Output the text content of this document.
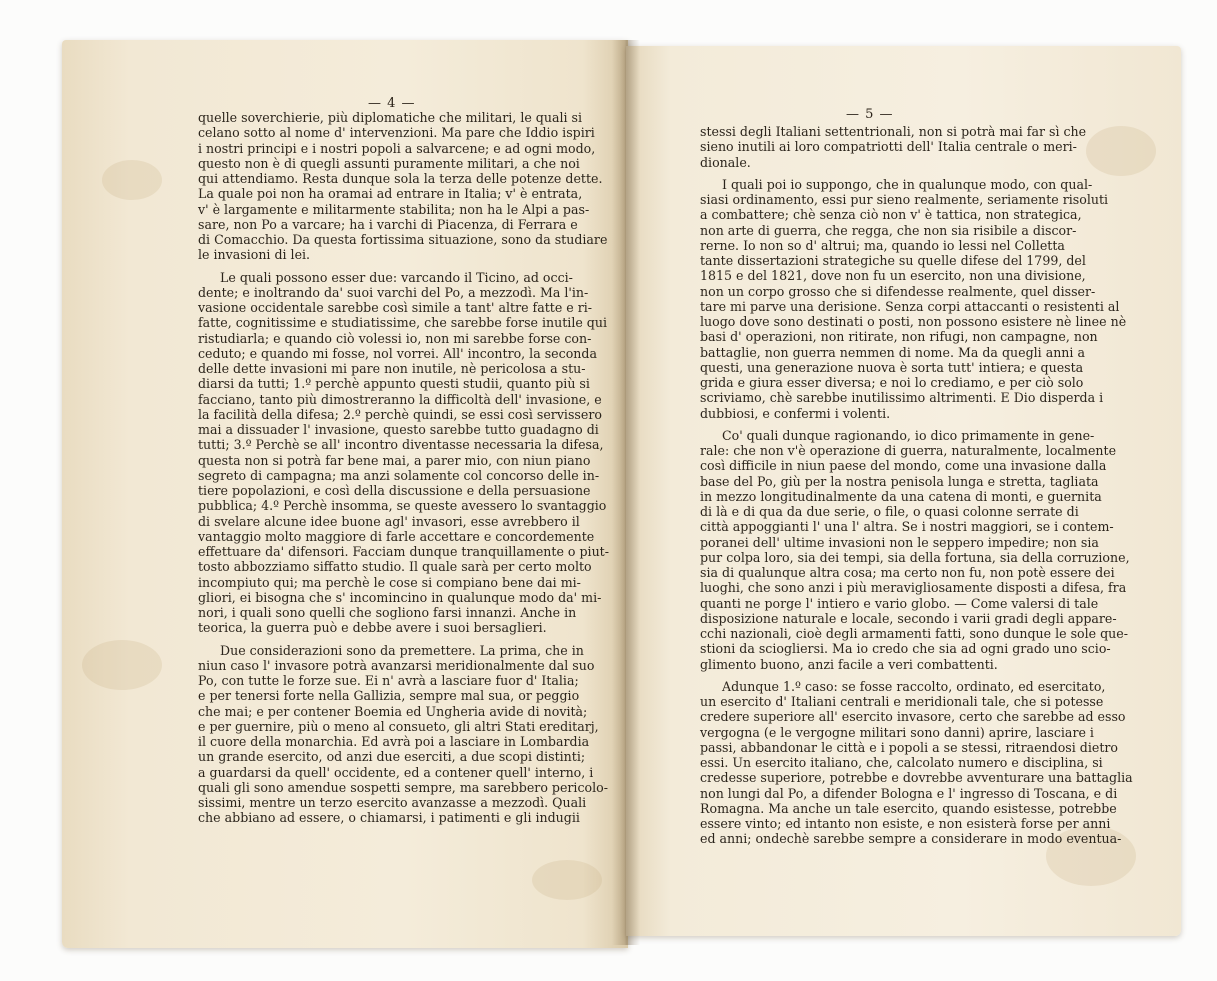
— 4 —
— 5 —
quelle soverchierie, più diplomatiche che militari, le quali si
celano sotto al nome d' intervenzioni. Ma pare che Iddio ispiri
i nostri principi e i nostri popoli a salvarcene; e ad ogni modo,
questo non è di quegli assunti puramente militari, a che noi
qui attendiamo. Resta dunque sola la terza delle potenze dette.
La quale poi non ha oramai ad entrare in Italia; v' è entrata,
v' è largamente e militarmente stabilita; non ha le Alpi a pas-
sare, non Po a varcare; ha i varchi di Piacenza, di Ferrara e
di Comacchio. Da questa fortissima situazione, sono da studiare
le invasioni di lei.
Le quali possono esser due: varcando il Ticino, ad occi-
dente; e inoltrando da' suoi varchi del Po, a mezzodì. Ma l'in-
vasione occidentale sarebbe così simile a tant' altre fatte e ri-
fatte, cognitissime e studiatissime, che sarebbe forse inutile qui
ristudiarla; e quando ciò volessi io, non mi sarebbe forse con-
ceduto; e quando mi fosse, nol vorrei. All' incontro, la seconda
delle dette invasioni mi pare non inutile, nè pericolosa a stu-
diarsi da tutti; 1.º perchè appunto questi studii, quanto più si
facciano, tanto più dimostreranno la difficoltà dell' invasione, e
la facilità della difesa; 2.º perchè quindi, se essi così servissero
mai a dissuader l' invasione, questo sarebbe tutto guadagno di
tutti; 3.º Perchè se all' incontro diventasse necessaria la difesa,
questa non si potrà far bene mai, a parer mio, con niun piano
segreto di campagna; ma anzi solamente col concorso delle in-
tiere popolazioni, e così della discussione e della persuasione
pubblica; 4.º Perchè insomma, se queste avessero lo svantaggio
di svelare alcune idee buone agl' invasori, esse avrebbero il
vantaggio molto maggiore di farle accettare e concordemente
effettuare da' difensori. Facciam dunque tranquillamente o piut-
tosto abbozziamo siffatto studio. Il quale sarà per certo molto
incompiuto qui; ma perchè le cose si compiano bene dai mi-
gliori, ei bisogna che s' incomincino in qualunque modo da' mi-
nori, i quali sono quelli che sogliono farsi innanzi. Anche in
teorica, la guerra può e debbe avere i suoi bersaglieri.
Due considerazioni sono da premettere. La prima, che in
niun caso l' invasore potrà avanzarsi meridionalmente dal suo
Po, con tutte le forze sue. Ei n' avrà a lasciare fuor d' Italia;
e per tenersi forte nella Gallizia, sempre mal sua, or peggio
che mai; e per contener Boemia ed Ungheria avide di novità;
e per guernire, più o meno al consueto, gli altri Stati ereditarj,
il cuore della monarchia. Ed avrà poi a lasciare in Lombardia
un grande esercito, od anzi due eserciti, a due scopi distinti;
a guardarsi da quell' occidente, ed a contener quell' interno, i
quali gli sono amendue sospetti sempre, ma sarebbero pericolo-
sissimi, mentre un terzo esercito avanzasse a mezzodì. Quali
che abbiano ad essere, o chiamarsi, i patimenti e gli indugii
stessi degli Italiani settentrionali, non si potrà mai far sì che
sieno inutili ai loro compatriotti dell' Italia centrale o meri-
dionale.
I quali poi io suppongo, che in qualunque modo, con qual-
siasi ordinamento, essi pur sieno realmente, seriamente risoluti
a combattere; chè senza ciò non v' è tattica, non strategica,
non arte di guerra, che regga, che non sia risibile a discor-
rerne. Io non so d' altrui; ma, quando io lessi nel Colletta
tante dissertazioni strategiche su quelle difese del 1799, del
1815 e del 1821, dove non fu un esercito, non una divisione,
non un corpo grosso che si difendesse realmente, quel disser-
tare mi parve una derisione. Senza corpi attaccanti o resistenti al
luogo dove sono destinati o posti, non possono esistere nè linee nè
basi d' operazioni, non ritirate, non rifugi, non campagne, non
battaglie, non guerra nemmen di nome. Ma da quegli anni a
questi, una generazione nuova è sorta tutt' intiera; e questa
grida e giura esser diversa; e noi lo crediamo, e per ciò solo
scriviamo, chè sarebbe inutilissimo altrimenti. E Dio disperda i
dubbiosi, e confermi i volenti.
Co' quali dunque ragionando, io dico primamente in gene-
rale: che non v'è operazione di guerra, naturalmente, localmente
così difficile in niun paese del mondo, come una invasione dalla
base del Po, giù per la nostra penisola lunga e stretta, tagliata
in mezzo longitudinalmente da una catena di monti, e guernita
di là e di qua da due serie, o file, o quasi colonne serrate di
città appoggianti l' una l' altra. Se i nostri maggiori, se i contem-
poranei dell' ultime invasioni non le seppero impedire; non sia
pur colpa loro, sia dei tempi, sia della fortuna, sia della corruzione,
sia di qualunque altra cosa; ma certo non fu, non potè essere dei
luoghi, che sono anzi i più meravigliosamente disposti a difesa, fra
quanti ne porge l' intiero e vario globo. — Come valersi di tale
disposizione naturale e locale, secondo i varii gradi degli appare-
cchi nazionali, cioè degli armamenti fatti, sono dunque le sole que-
stioni da sciogliersi. Ma io credo che sia ad ogni grado uno scio-
glimento buono, anzi facile a veri combattenti.
Adunque 1.º caso: se fosse raccolto, ordinato, ed esercitato,
un esercito d' Italiani centrali e meridionali tale, che si potesse
credere superiore all' esercito invasore, certo che sarebbe ad esso
vergogna (e le vergogne militari sono danni) aprire, lasciare i
passi, abbandonar le città e i popoli a se stessi, ritraendosi dietro
essi. Un esercito italiano, che, calcolato numero e disciplina, si
credesse superiore, potrebbe e dovrebbe avventurare una battaglia
non lungi dal Po, a difender Bologna e l' ingresso di Toscana, e di
Romagna. Ma anche un tale esercito, quando esistesse, potrebbe
essere vinto; ed intanto non esiste, e non esisterà forse per anni
ed anni; ondechè sarebbe sempre a considerare in modo eventua-
